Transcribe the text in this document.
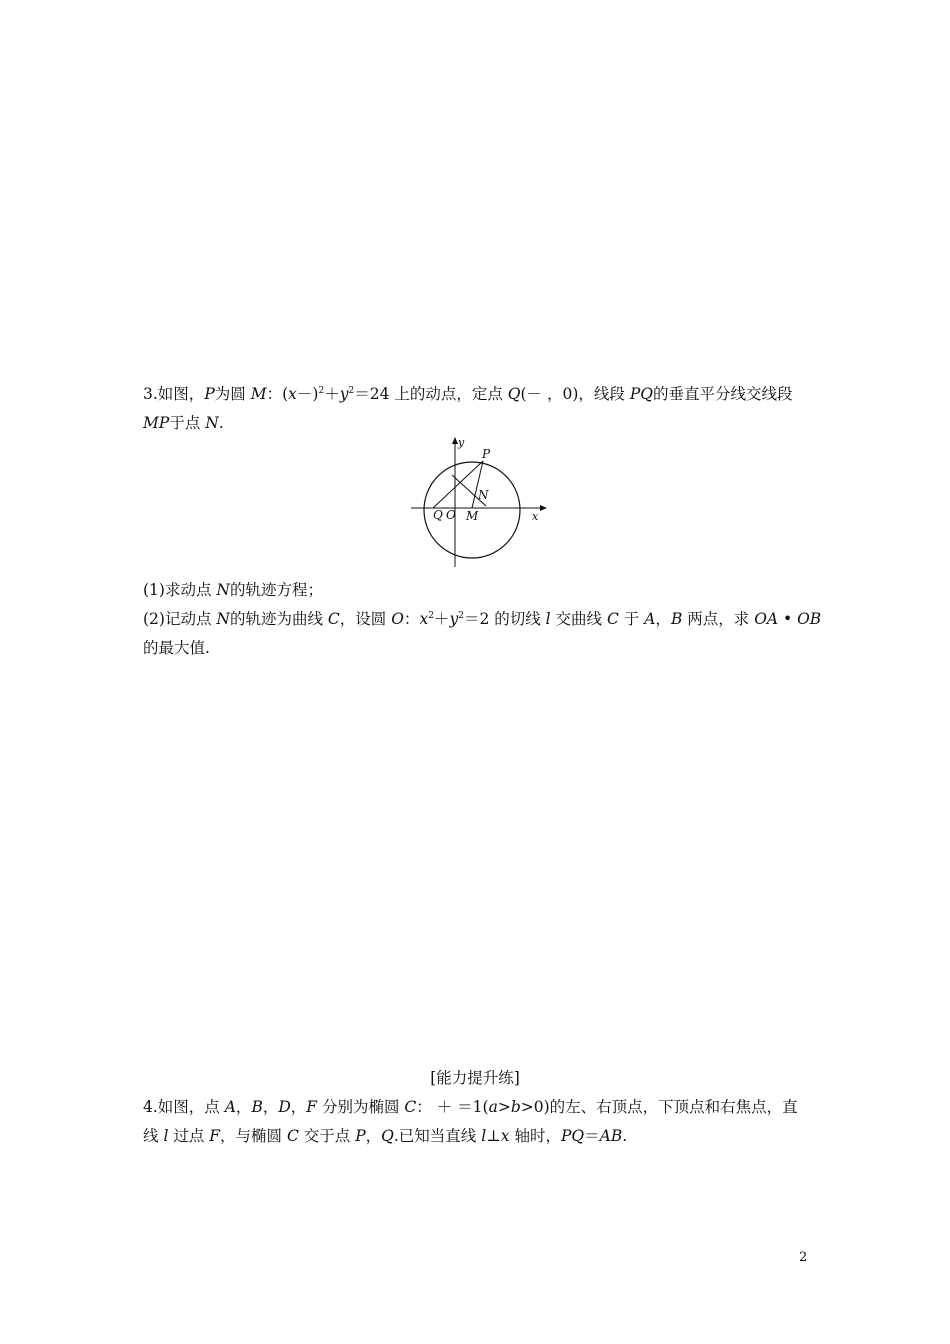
3.如图，P为圆 M：$(x-)^2+y^2=24$ 上的动点，定点 Q(－ ，0)，线段 PQ的垂直平分线交线段
MP于点 N.
y
x
P
N
Q O M
(1)求动点 N的轨迹方程；
(2)记动点 N的轨迹为曲线 C，设圆 O：$x^2+y^2=2$ 的切线 l 交曲线 C 于 A，B 两点，求 OA • OB
的最大值.
[能力提升练]
4.如图，点 A，B，D，F 分别为椭圆 C： ＋ ＝1(a>b>0)的左、右顶点，下顶点和右焦点，直
线 l 过点 F，与椭圆 C 交于点 P，Q.已知当直线 l⊥x 轴时，PQ＝AB.
2
